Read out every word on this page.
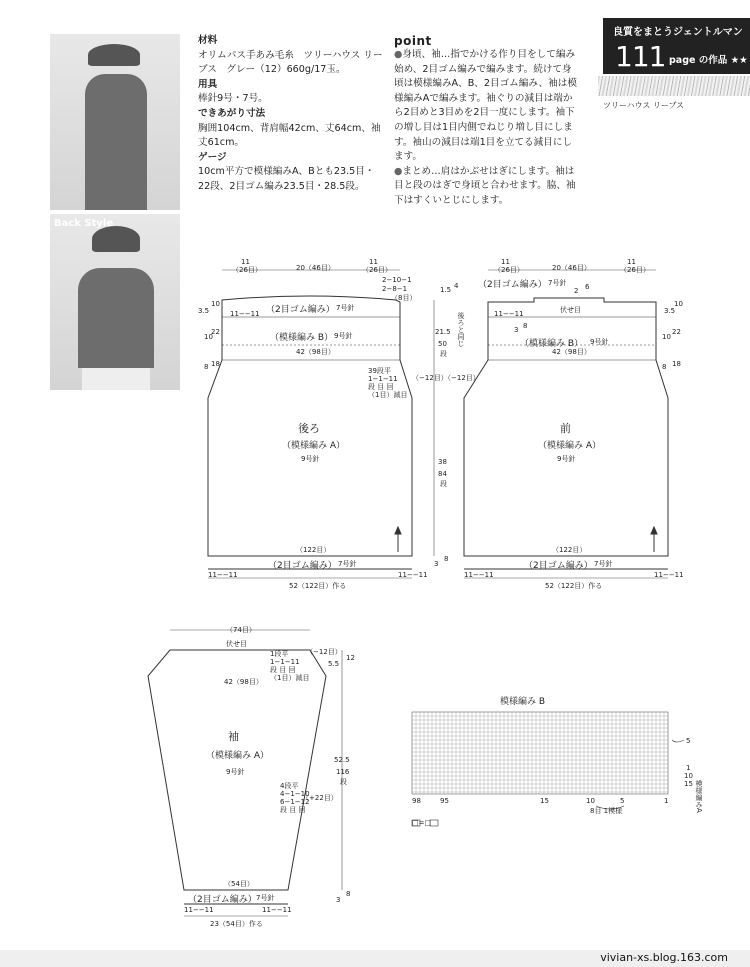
Back Style
材料
オリムパス手あみ毛糸　ツリーハウス リーブス　グレー（12）660g/17玉。
用具
棒針9号・7号。
できあがり寸法
胸囲104cm、背肩幅42cm、丈64cm、袖丈61cm。
ゲージ
10cm平方で模様編みA、Bとも23.5目・22段、2目ゴム編み23.5目・28.5段。
point
●身頃、袖…指でかける作り目をして編み始め、2目ゴム編みで編みます。続けて身頃は模様編みA、B、2目ゴム編み、袖は模様編みAで編みます。袖ぐりの減目は端から2目めと3目めを2目一度にします。袖下の増し目は1目内側でねじり増し目にします。袖山の減目は端1目を立てる減目にします。
●まとめ…肩はかぶせはぎにします。袖は目と段のはぎで身頃と合わせます。脇、袖下はすくいとじにします。
良質をまとうジェントルマン
111 page の作品 ★★
ツリーハウス リーブス
後ろ
（模様編み A）
9号針
（2目ゴム編み） 7号針
（模様編み B） 9号針
42（98目）
11
（26目）	20（46目）
11
（26目）
2−10−1
2−8−1
（8目）
39段平
1−1−11
段 目 回
（1目）減目
（−12目）
3.5
10
10
22
8 18
（122目）
（2目ゴム編み） 7号針
52（122目）作る
11−−11	11−−11
11−−11
前
（模様編み A）
9号針
（2目ゴム編み） 7号針
伏せ目
（模様編み B） 9号針
42（98目）
11
（26目）	20（46目）
11
（26目）
21.5
50
段
1.5 4
2 6
3 8
後ろと同じ
（−12目）
3.5
10
10
22
8 18
38
84
段
3
8
（122目）
（2目ゴム編み） 7号針
52（122目）作る
11−−11	11−−11
11−−11
袖
（模様編み A）
9号針
（74目）
伏せ目
1段平
1−1−11
段 目 回
（1目）減目
（−12目）
5.5
12
42（98目）
4段平
4−1−10
6−1−12
段 目 回
（+22目）
52.5
116
段
（54目）
（2目ゴム編み） 7号針	3
8
23（54目）作る
11−−11	11−−11
模様編み B
98	95	15	10	5	1
8目 1模様
5
1
10
15 模様編みA
□=□
vivian-xs.blog.163.com
